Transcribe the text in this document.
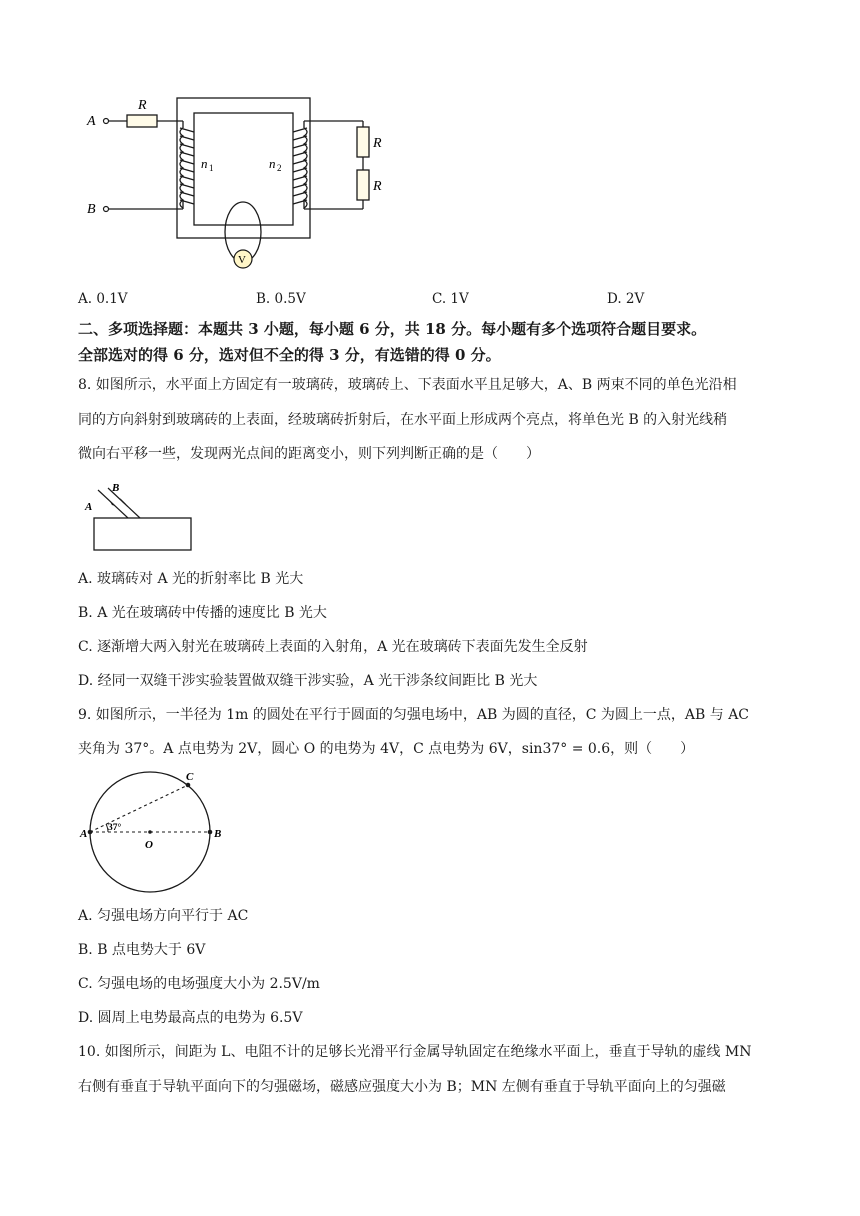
A
B
R
R
R
n 1	n 2
V
A. 0.1V	B. 0.5V	C. 1V	D. 2V
二、多项选择题：本题共 3 小题，每小题 6 分，共 18 分。每小题有多个选项符合题目要求。
全部选对的得 6 分，选对但不全的得 3 分，有选错的得 0 分。
8. 如图所示，水平面上方固定有一玻璃砖，玻璃砖上、下表面水平且足够大，A、B 两束不同的单色光沿相
同的方向斜射到玻璃砖的上表面，经玻璃砖折射后，在水平面上形成两个亮点，将单色光 B 的入射光线稍
微向右平移一些，发现两光点间的距离变小，则下列判断正确的是（　　）
A
B
A. 玻璃砖对 A 光的折射率比 B 光大
B. A 光在玻璃砖中传播的速度比 B 光大
C. 逐渐增大两入射光在玻璃砖上表面的入射角，A 光在玻璃砖下表面先发生全反射
D. 经同一双缝干涉实验装置做双缝干涉实验，A 光干涉条纹间距比 B 光大
9. 如图所示，一半径为 1m 的圆处在平行于圆面的匀强电场中，AB 为圆的直径，C 为圆上一点，AB 与 AC
夹角为 37°。A 点电势为 2V，圆心 O 的电势为 4V，C 点电势为 6V，sin37° = 0.6，则（　　）
A	B
C
O
37°
A. 匀强电场方向平行于 AC
B. B 点电势大于 6V
C. 匀强电场的电场强度大小为 2.5V/m
D. 圆周上电势最高点的电势为 6.5V
10. 如图所示，间距为 L、电阻不计的足够长光滑平行金属导轨固定在绝缘水平面上，垂直于导轨的虚线 MN
右侧有垂直于导轨平面向下的匀强磁场，磁感应强度大小为 B；MN 左侧有垂直于导轨平面向上的匀强磁
